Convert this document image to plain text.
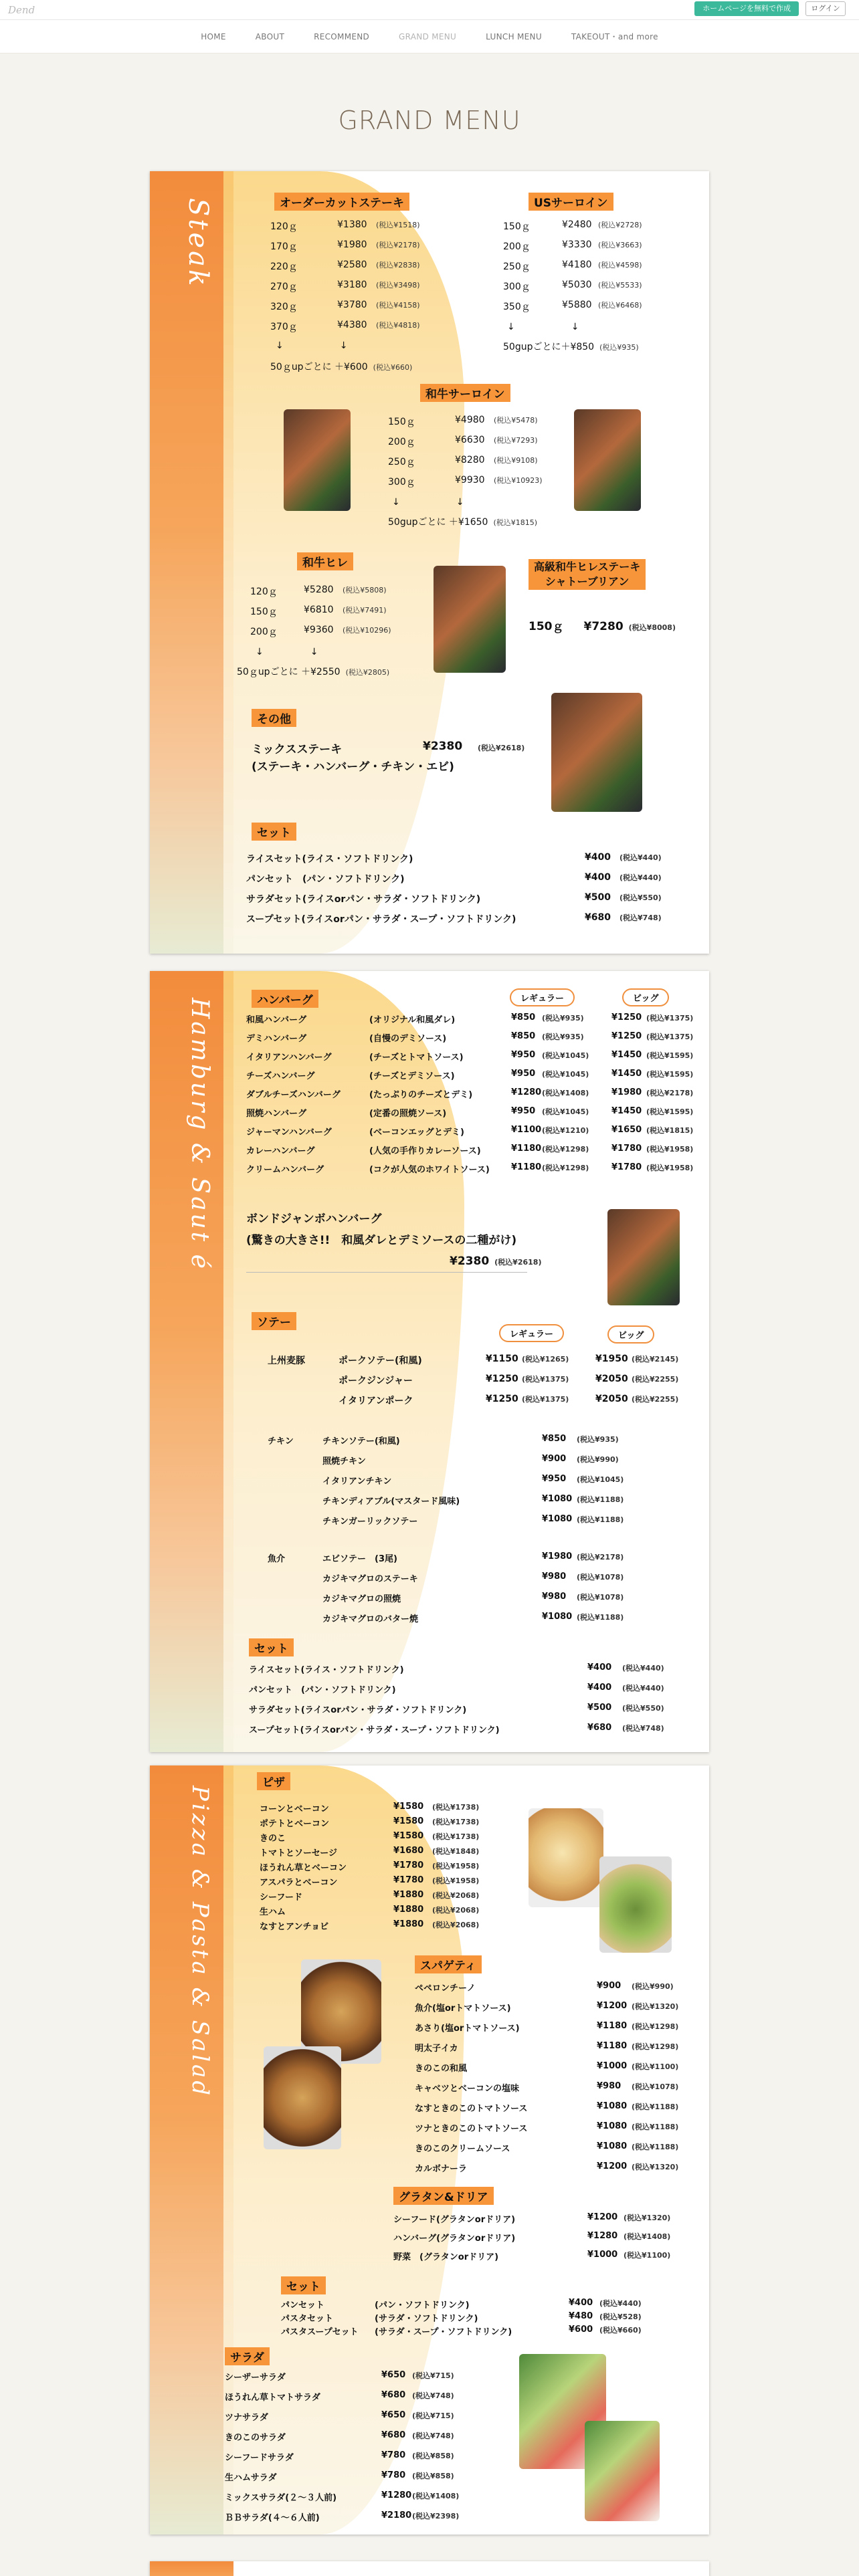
Dend	ホームページを無料で作成	ログイン
HOME	ABOUT	RECOMMEND	GRAND MENU	LUNCH MENU	TAKEOUT・and more
GRAND MENU
Steak	オーダーカットステーキ
120ｇ	¥1380 (税込¥1518)
170ｇ	¥1980 (税込¥2178)
220ｇ	¥2580 (税込¥2838)
270ｇ	¥3180 (税込¥3498)
320ｇ	¥3780 (税込¥4158)
370ｇ	¥4380 (税込¥4818)
↓　　　　　　↓
50ｇupごとに ＋¥600 (税込¥660)
USサーロイン
150ｇ	¥2480 (税込¥2728)
200ｇ	¥3330 (税込¥3663)
250ｇ	¥4180 (税込¥4598)
300ｇ	¥5030 (税込¥5533)
350ｇ	¥5880 (税込¥6468)
↓　　　　　　↓
50gupごとに＋¥850 (税込¥935)
和牛サーロイン
150ｇ	¥4980 (税込¥5478)
200ｇ	¥6630 (税込¥7293)
250ｇ	¥8280 (税込¥9108)
300ｇ	¥9930 (税込¥10923)
↓　　　　　　↓
50gupごとに ＋¥1650 (税込¥1815)
和牛ヒレ
120ｇ	¥5280 (税込¥5808)
150ｇ	¥6810 (税込¥7491)
200ｇ	¥9360 (税込¥10296)
↓　　　　　↓
50ｇupごとに ＋¥2550 (税込¥2805)
高級和牛ヒレステーキ
シャトーブリアン
150ｇ ¥7280 (税込¥8008)
その他
ミックスステーキ	¥2380 (税込¥2618)
(ステーキ・ハンバーグ・チキン・エビ)
セット
ライスセット(ライス・ソフトドリンク)	¥400 (税込¥440)
パンセット　(パン・ソフトドリンク)	¥400 (税込¥440)
サラダセット(ライスorパン・サラダ・ソフトドリンク)	¥500 (税込¥550)
スープセット(ライスorパン・サラダ・スープ・ソフトドリンク)	¥680 (税込¥748)
Hamburg & Saut é	ハンバーグ	レギュラー	ビッグ
和風ハンバーグ	(オリジナル和風ダレ)	¥850 (税込¥935)	¥1250 (税込¥1375)
デミハンバーグ	(自慢のデミソース)	¥850 (税込¥935)	¥1250 (税込¥1375)
イタリアンハンバーグ	(チーズとトマトソース)	¥950 (税込¥1045)	¥1450 (税込¥1595)
チーズハンバーグ	(チーズとデミソース)	¥950 (税込¥1045)	¥1450 (税込¥1595)
ダブルチーズハンバーグ	(たっぷりのチーズとデミ)	¥1280 (税込¥1408)	¥1980 (税込¥2178)
照焼ハンバーグ	(定番の照焼ソース)	¥950 (税込¥1045)	¥1450 (税込¥1595)
ジャーマンハンバーグ	(ベーコンエッグとデミ)	¥1100 (税込¥1210)	¥1650 (税込¥1815)
カレーハンバーグ	(人気の手作りカレーソース)	¥1180 (税込¥1298)	¥1780 (税込¥1958)
クリームハンバーグ	(コクが人気のホワイトソース) ¥1180 (税込¥1298)	¥1780 (税込¥1958)
ボンドジャンボハンバーグ
(驚きの大きさ!!　和風ダレとデミソースの二種がけ)
¥2380 (税込¥2618)
ソテー
レギュラー	ビッグ
上州麦豚	ポークソテー(和風)	¥1150 (税込¥1265)	¥1950 (税込¥2145)
ポークジンジャー	¥1250 (税込¥1375)	¥2050 (税込¥2255)
イタリアンポーク	¥1250 (税込¥1375)	¥2050 (税込¥2255)
チキン	チキンソテー(和風)	¥850 (税込¥935)
照焼チキン	¥900 (税込¥990)
イタリアンチキン	¥950 (税込¥1045)
チキンディアブル(マスタード風味)	¥1080 (税込¥1188)
チキンガーリックソテー	¥1080 (税込¥1188)
魚介	エビソテー　(3尾)	¥1980 (税込¥2178)
カジキマグロのステーキ	¥980 (税込¥1078)
カジキマグロの照焼	¥980 (税込¥1078)
カジキマグロのバター焼	¥1080 (税込¥1188)
セット
ライスセット(ライス・ソフトドリンク)	¥400 (税込¥440)
パンセット　(パン・ソフトドリンク)	¥400 (税込¥440)
サラダセット(ライスorパン・サラダ・ソフトドリンク)	¥500 (税込¥550)
スープセット(ライスorパン・サラダ・スープ・ソフトドリンク)	¥680 (税込¥748)
Pizza & Pasta & Salad
ピザ
コーンとベーコン	¥1580 (税込¥1738)
ポテトとベーコン	¥1580 (税込¥1738)
きのこ	¥1580 (税込¥1738)
トマトとソーセージ	¥1680 (税込¥1848)
ほうれん草とベーコン	¥1780 (税込¥1958)
アスパラとベーコン	¥1780 (税込¥1958)
シーフード	¥1880 (税込¥2068)
生ハム	¥1880 (税込¥2068)
なすとアンチョビ	¥1880 (税込¥2068)
スパゲティ
ペペロンチーノ	¥900 (税込¥990)
魚介(塩orトマトソース)	¥1200 (税込¥1320)
あさり(塩orトマトソース)	¥1180 (税込¥1298)
明太子イカ	¥1180 (税込¥1298)
きのこの和風	¥1000 (税込¥1100)
キャベツとベーコンの塩味	¥980 (税込¥1078)
なすときのこのトマトソース	¥1080 (税込¥1188)
ツナときのこのトマトソース	¥1080 (税込¥1188)
きのこのクリームソース	¥1080 (税込¥1188)
カルボナーラ	¥1200 (税込¥1320)
グラタン&ドリア
シーフード(グラタンorドリア)	¥1200 (税込¥1320)
ハンバーグ(グラタンorドリア)	¥1280 (税込¥1408)
野菜　(グラタンorドリア)	¥1000 (税込¥1100)
セット
パンセット	(パン・ソフトドリンク)	¥400 (税込¥440)
パスタセット	(サラダ・ソフトドリンク)	¥480 (税込¥528)
パスタスープセット (サラダ・スープ・ソフトドリンク)	¥600 (税込¥660)
サラダ
シーザーサラダ	¥650 (税込¥715)
ほうれん草トマトサラダ	¥680 (税込¥748)
ツナサラダ	¥650 (税込¥715)
きのこのサラダ	¥680 (税込¥748)
シーフードサラダ	¥780 (税込¥858)
生ハムサラダ	¥780 (税込¥858)
ミックスサラダ(２～３人前)	¥1280 (税込¥1408)
ＢＢサラダ(４～６人前)	¥2180 (税込¥2398)
